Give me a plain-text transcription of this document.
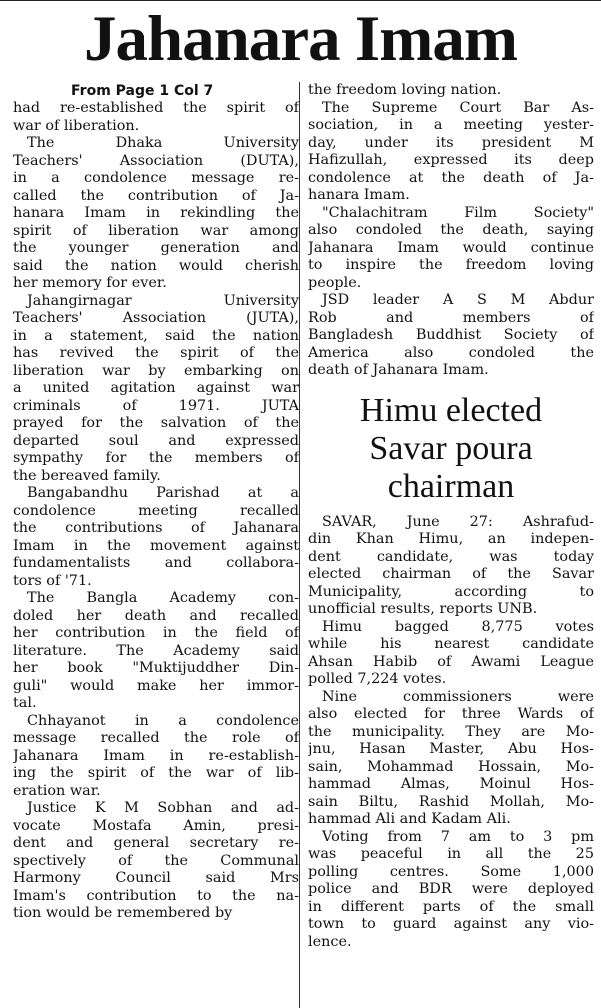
Jahanara Imam
From Page 1 Col 7
had re-established the spirit of
war of liberation.
The Dhaka University
Teachers' Association (DUTA),
in a condolence message re-
called the contribution of Ja-
hanara Imam in rekindling the
spirit of liberation war among
the younger generation and
said the nation would cherish
her memory for ever.
Jahangirnagar University
Teachers' Association (JUTA),
in a statement, said the nation
has revived the spirit of the
liberation war by embarking on
a united agitation against war
criminals of 1971. JUTA
prayed for the salvation of the
departed soul and expressed
sympathy for the members of
the bereaved family.
Bangabandhu Parishad at a
condolence meeting recalled
the contributions of Jahanara
Imam in the movement against
fundamentalists and collabora-
tors of '71.
The Bangla Academy con-
doled her death and recalled
her contribution in the field of
literature. The Academy said
her book "Muktijuddher Din-
guli" would make her immor-
tal.
Chhayanot in a condolence
message recalled the role of
Jahanara Imam in re-establish-
ing the spirit of the war of lib-
eration war.
Justice K M Sobhan and ad-
vocate Mostafa Amin, presi-
dent and general secretary re-
spectively of the Communal
Harmony Council said Mrs
Imam's contribution to the na-
tion would be remembered by
the freedom loving nation.
The Supreme Court Bar As-
sociation, in a meeting yester-
day, under its president M
Hafizullah, expressed its deep
condolence at the death of Ja-
hanara Imam.
"Chalachitram Film Society"
also condoled the death, saying
Jahanara Imam would continue
to inspire the freedom loving
people.
JSD leader A S M Abdur
Rob and members of
Bangladesh Buddhist Society of
America also condoled the
death of Jahanara Imam.
Himu elected
Savar poura
chairman
SAVAR, June 27: Ashrafud-
din Khan Himu, an indepen-
dent candidate, was today
elected chairman of the Savar
Municipality, according to
unofficial results, reports UNB.
Himu bagged 8,775 votes
while his nearest candidate
Ahsan Habib of Awami League
polled 7,224 votes.
Nine commissioners were
also elected for three Wards of
the municipality. They are Mo-
jnu, Hasan Master, Abu Hos-
sain, Mohammad Hossain, Mo-
hammad Almas, Moinul Hos-
sain Biltu, Rashid Mollah, Mo-
hammad Ali and Kadam Ali.
Voting from 7 am to 3 pm
was peaceful in all the 25
polling centres. Some 1,000
police and BDR were deployed
in different parts of the small
town to guard against any vio-
lence.
